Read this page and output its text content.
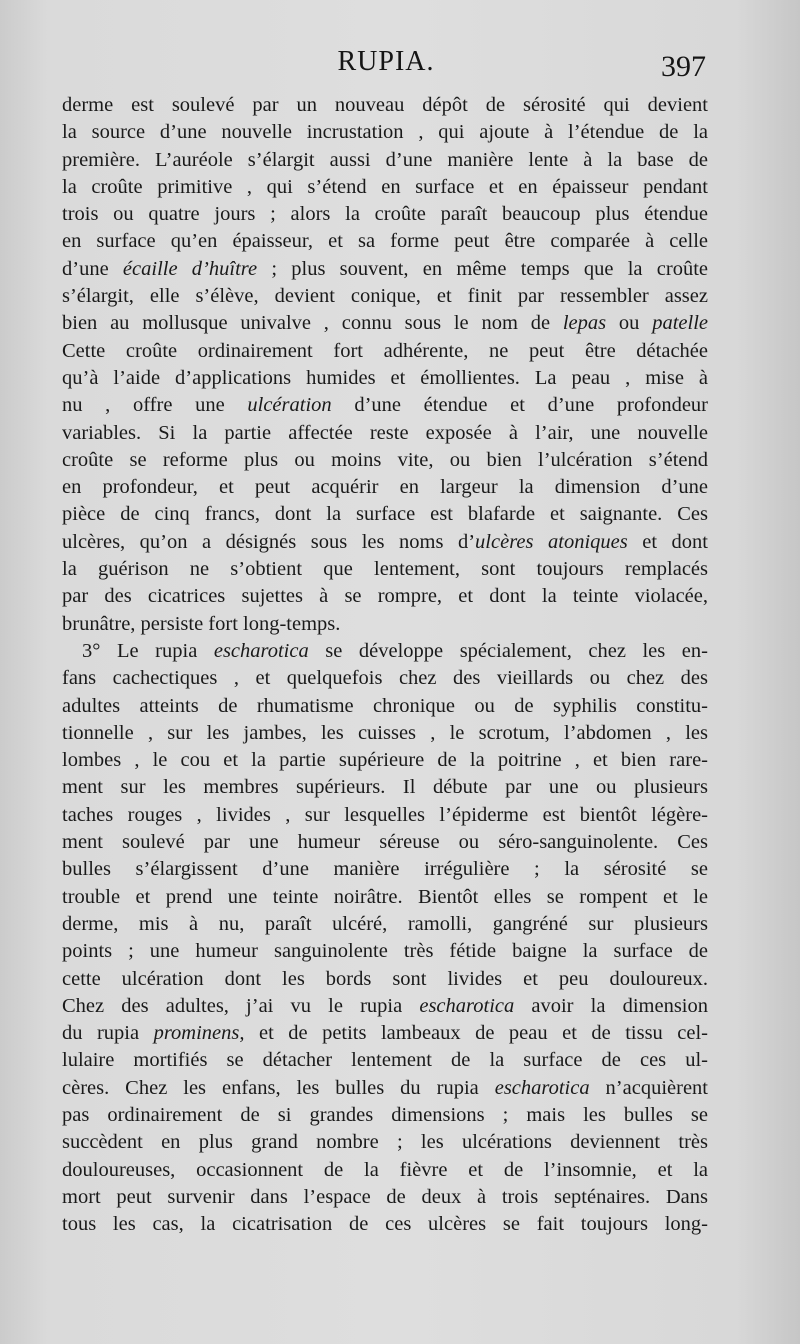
RUPIA.	397
derme est soulevé par un nouveau dépôt de sérosité qui devient
la source d’une nouvelle incrustation , qui ajoute à l’étendue de la
première. L’auréole s’élargit aussi d’une manière lente à la base de
la croûte primitive , qui s’étend en surface et en épaisseur pendant
trois ou quatre jours ; alors la croûte paraît beaucoup plus étendue
en surface qu’en épaisseur, et sa forme peut être comparée à celle
d’une écaille d’huître ; plus souvent, en même temps que la croûte
s’élargit, elle s’élève, devient conique, et finit par ressembler assez
bien au mollusque univalve , connu sous le nom de lepas ou patelle
Cette croûte ordinairement fort adhérente, ne peut être détachée
qu’à l’aide d’applications humides et émollientes. La peau , mise à
nu , offre une ulcération d’une étendue et d’une profondeur
variables. Si la partie affectée reste exposée à l’air, une nouvelle
croûte se reforme plus ou moins vite, ou bien l’ulcération s’étend
en profondeur, et peut acquérir en largeur la dimension d’une
pièce de cinq francs, dont la surface est blafarde et saignante. Ces
ulcères, qu’on a désignés sous les noms d’ulcères atoniques et dont
la guérison ne s’obtient que lentement, sont toujours remplacés
par des cicatrices sujettes à se rompre, et dont la teinte violacée,
brunâtre, persiste fort long-temps.
3° Le rupia escharotica se développe spécialement, chez les en-
fans cachectiques , et quelquefois chez des vieillards ou chez des
adultes atteints de rhumatisme chronique ou de syphilis constitu-
tionnelle , sur les jambes, les cuisses , le scrotum, l’abdomen , les
lombes , le cou et la partie supérieure de la poitrine , et bien rare-
ment sur les membres supérieurs. Il débute par une ou plusieurs
taches rouges , livides , sur lesquelles l’épiderme est bientôt légère-
ment soulevé par une humeur séreuse ou séro-sanguinolente. Ces
bulles s’élargissent d’une manière irrégulière ; la sérosité se
trouble et prend une teinte noirâtre. Bientôt elles se rompent et le
derme, mis à nu, paraît ulcéré, ramolli, gangréné sur plusieurs
points ; une humeur sanguinolente très fétide baigne la surface de
cette ulcération dont les bords sont livides et peu douloureux.
Chez des adultes, j’ai vu le rupia escharotica avoir la dimension
du rupia prominens, et de petits lambeaux de peau et de tissu cel-
lulaire mortifiés se détacher lentement de la surface de ces ul-
cères. Chez les enfans, les bulles du rupia escharotica n’acquièrent
pas ordinairement de si grandes dimensions ; mais les bulles se
succèdent en plus grand nombre ; les ulcérations deviennent très
douloureuses, occasionnent de la fièvre et de l’insomnie, et la
mort peut survenir dans l’espace de deux à trois septénaires. Dans
tous les cas, la cicatrisation de ces ulcères se fait toujours long-
